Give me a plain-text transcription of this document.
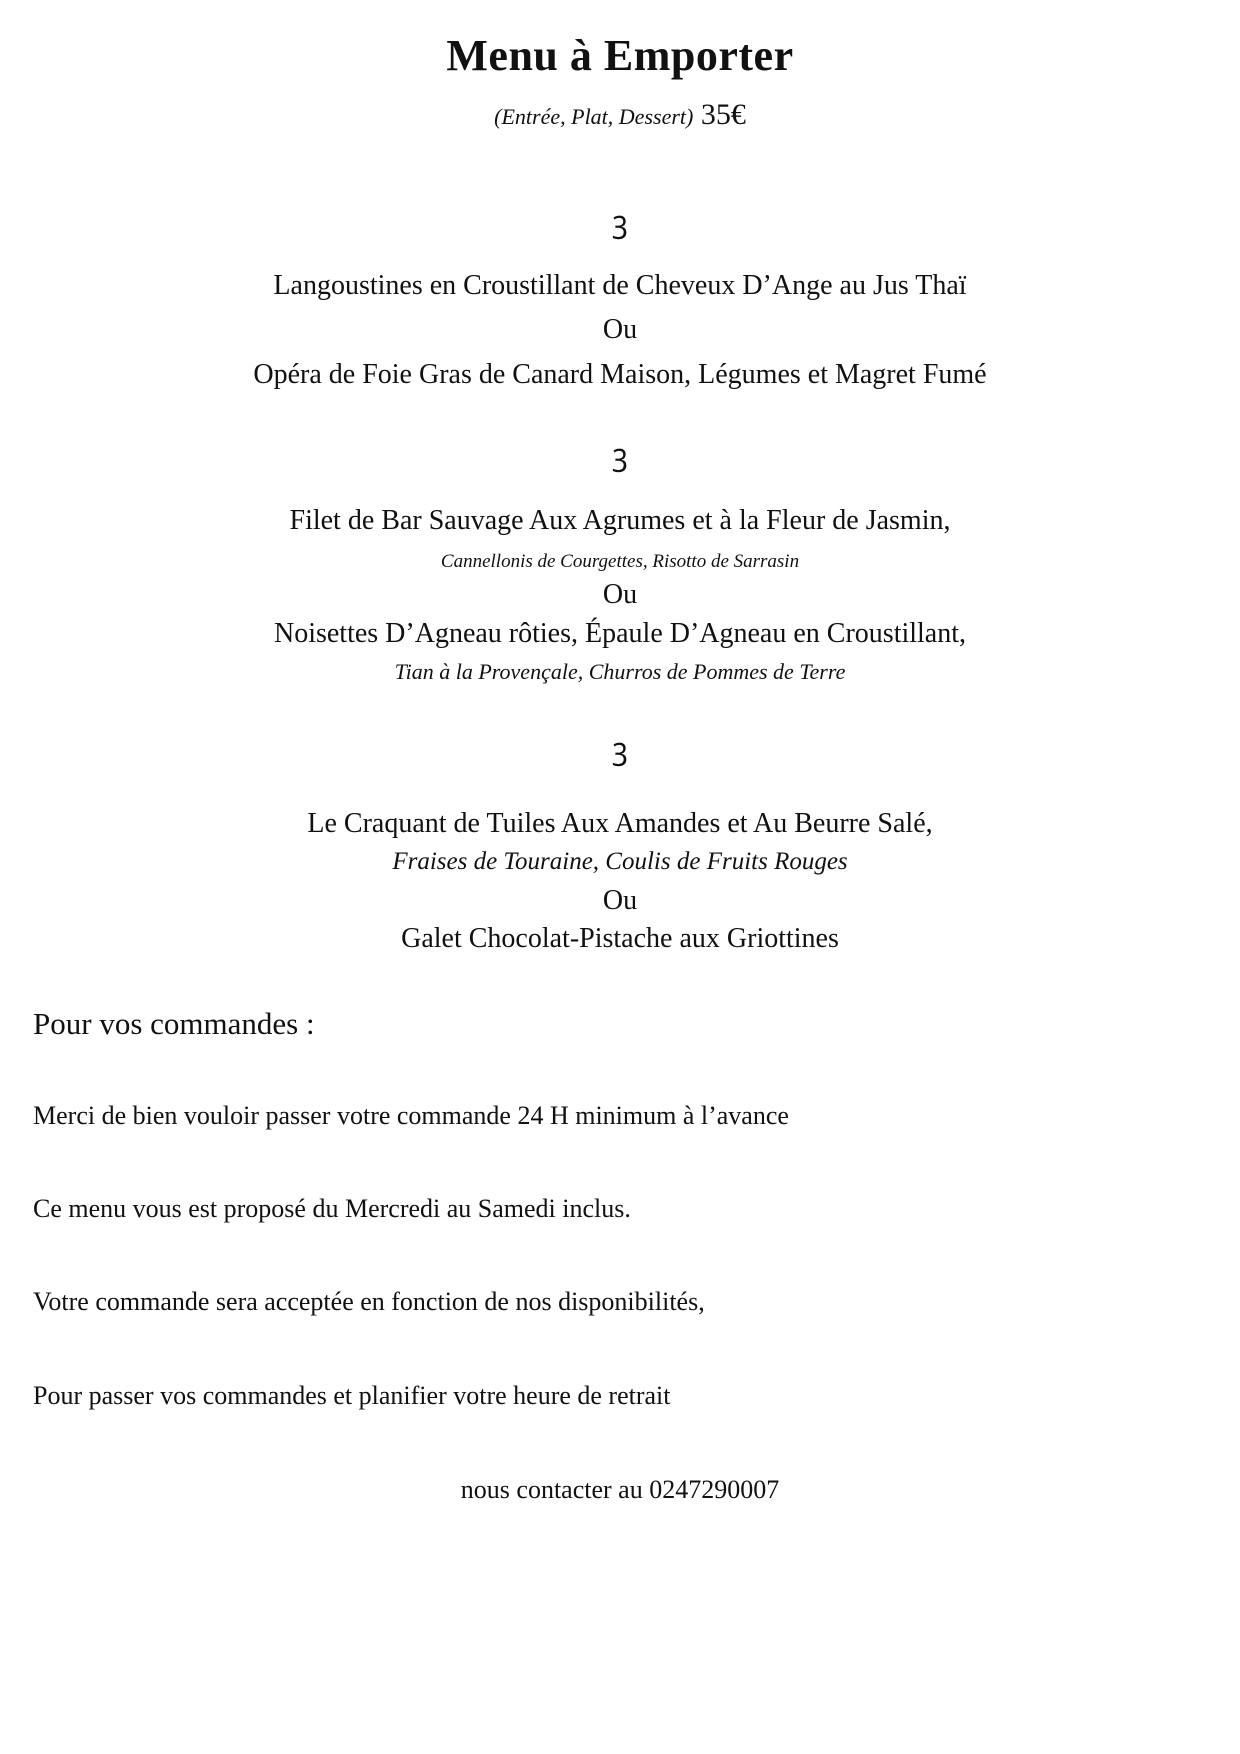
Menu à Emporter
(Entrée, Plat, Dessert) 35€
ꝫ
Langoustines en Croustillant de Cheveux D’Ange au Jus Thaï
Ou
Opéra de Foie Gras de Canard Maison, Légumes et Magret Fumé
ꝫ
Filet de Bar Sauvage Aux Agrumes et à la Fleur de Jasmin,
Cannellonis de Courgettes, Risotto de Sarrasin
Ou
Noisettes D’Agneau rôties, Épaule D’Agneau en Croustillant,
Tian à la Provençale, Churros de Pommes de Terre
ꝫ
Le Craquant de Tuiles Aux Amandes et Au Beurre Salé,
Fraises de Touraine, Coulis de Fruits Rouges
Ou
Galet Chocolat-Pistache aux Griottines
Pour vos commandes :
Merci de bien vouloir passer votre commande 24 H minimum à l’avance
Ce menu vous est proposé du Mercredi au Samedi inclus.
Votre commande sera acceptée en fonction de nos disponibilités,
Pour passer vos commandes et planifier votre heure de retrait
nous contacter au 0247290007
